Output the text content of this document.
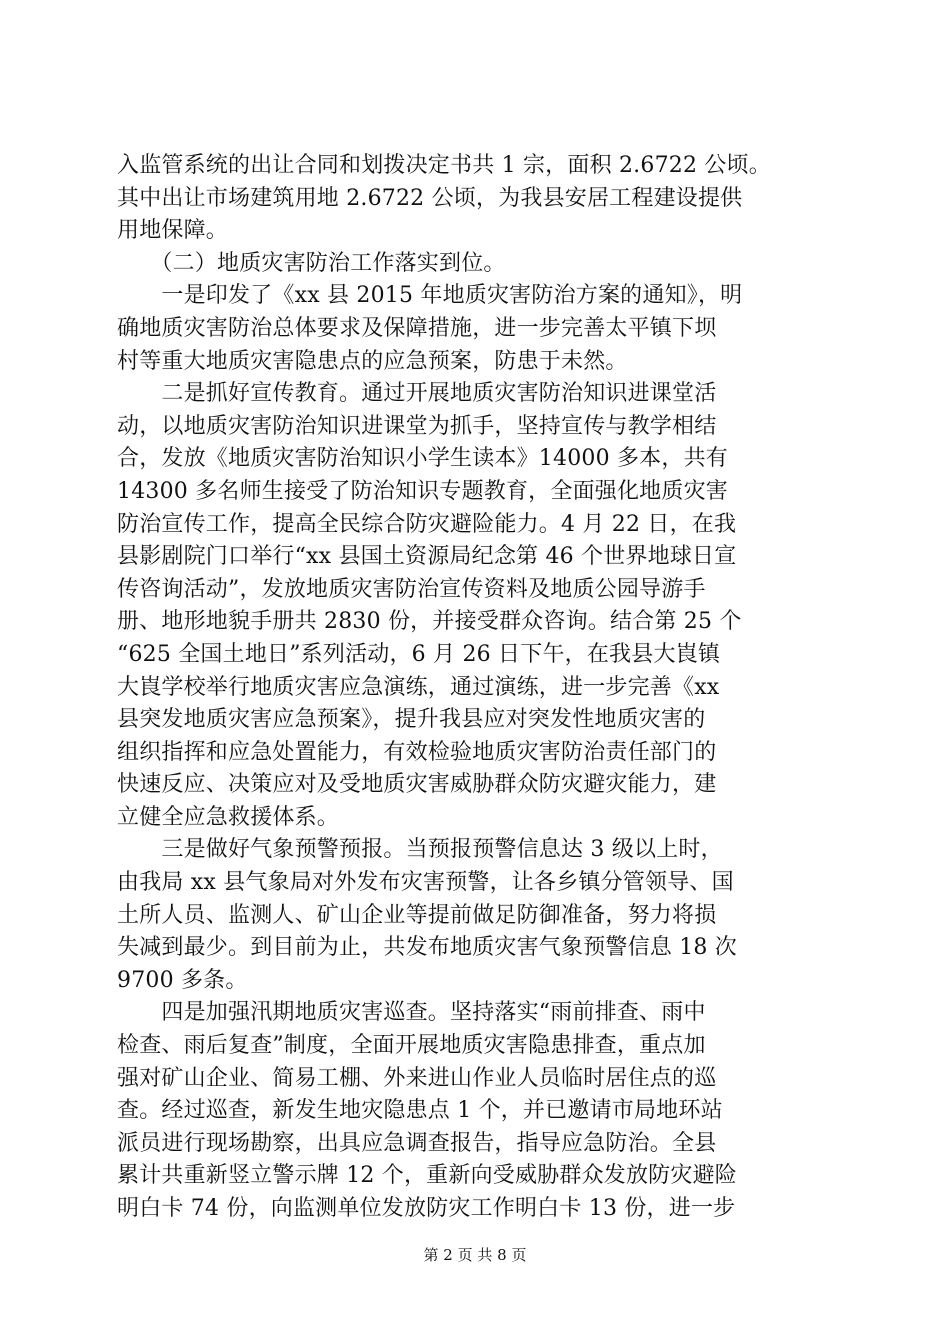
入监管系统的出让合同和划拨决定书共 1 宗，面积 2.6722 公顷。
其中出让市场建筑用地 2.6722 公顷，为我县安居工程建设提供
用地保障。
　　（二）地质灾害防治工作落实到位。
　　一是印发了《xx 县 2015 年地质灾害防治方案的通知》，明
确地质灾害防治总体要求及保障措施，进一步完善太平镇下坝
村等重大地质灾害隐患点的应急预案，防患于未然。
　　二是抓好宣传教育。通过开展地质灾害防治知识进课堂活
动，以地质灾害防治知识进课堂为抓手，坚持宣传与教学相结
合，发放《地质灾害防治知识小学生读本》14000 多本，共有
14300 多名师生接受了防治知识专题教育，全面强化地质灾害
防治宣传工作，提高全民综合防灾避险能力。4 月 22 日，在我
县影剧院门口举行“xx 县国土资源局纪念第 46 个世界地球日宣
传咨询活动”，发放地质灾害防治宣传资料及地质公园导游手
册、地形地貌手册共 2830 份，并接受群众咨询。结合第 25 个
“625 全国土地日”系列活动，6 月 26 日下午，在我县大崀镇
大崀学校举行地质灾害应急演练，通过演练，进一步完善《xx
县突发地质灾害应急预案》，提升我县应对突发性地质灾害的
组织指挥和应急处置能力，有效检验地质灾害防治责任部门的
快速反应、决策应对及受地质灾害威胁群众防灾避灾能力，建
立健全应急救援体系。
　　三是做好气象预警预报。当预报预警信息达 3 级以上时，
由我局 xx 县气象局对外发布灾害预警，让各乡镇分管领导、国
土所人员、监测人、矿山企业等提前做足防御准备，努力将损
失减到最少。到目前为止，共发布地质灾害气象预警信息 18 次
9700 多条。
　　四是加强汛期地质灾害巡查。坚持落实“雨前排查、雨中
检查、雨后复查”制度，全面开展地质灾害隐患排查，重点加
强对矿山企业、简易工棚、外来进山作业人员临时居住点的巡
查。经过巡查，新发生地灾隐患点 1 个，并已邀请市局地环站
派员进行现场勘察，出具应急调查报告，指导应急防治。全县
累计共重新竖立警示牌 12 个，重新向受威胁群众发放防灾避险
明白卡 74 份，向监测单位发放防灾工作明白卡 13 份，进一步
第 2 页 共 8 页
